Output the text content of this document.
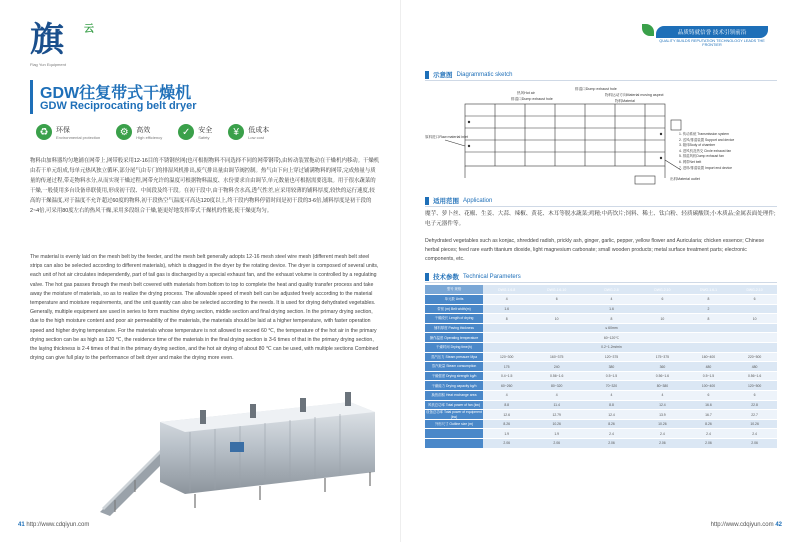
旗	云
Flag Yun Equipment
GDW往复带式干燥机
GDW Reciprocating belt dryer
♻	环保
Environmental protection	⚙	高效
High efficiency	✓	安全
Safety	¥	低成本
Low cost
物料由加料器均匀地铺在网带上,网带般采用12-16目的不锈钢丝网(也可根据物料不同选择不同的网带钢带),由转动装置拖动在干燥机内移动。干燥机由若干单元组成,每单元热风独立循环,部分尾气由专门的排湿风机排出,废气排出量由调节阀控制。热气由下向上穿过铺满物料的网带,完成热量与质量的传递过程,带走物料水分,从而实现干燥过程,网带允许的温度可根据物料温度、水份要求自由调节,单元数量也可根据需要选取。用于很水蔬菜的干燥,一般使用多台设备串联使用,形成初干段、中间段及终干段。在初干段中,由于物料含水高,透气性差,应采用较薄的铺料厚度,较快的运行速度,较高的干燥温度,对于温度不允许超过60度的物料,初干段热空气温度可高达120度以上,终干段内物料停留时间是初干段的3-6倍,铺料厚度是初干段的2~4倍,可采用80度左右的热风干燥,采用多段组合干燥,能更好地发挥带式干燥机的性能,使干燥更均匀。
The material is evenly laid on the mesh belt by the feeder, and the mesh belt generally adopts 12-16 mesh steel wire mesh (different mesh belt steel strips can also be selected according to different materials), which is dragged in the dryer by the rotating device. The dryer is composed of several units, each unit of hot air circulates independently, part of tail gas is discharged by a special exhaust fan, and the exhaust volume is controlled by a regulating valve. The hot gas passes through the mesh belt covered with materials from bottom to top to complete the heat and quality transfer process and take away the moisture of materials, so as to realize the drying process. The allowable speed of mesh belt can be adjusted freely according to the material temperature and moisture requirements, and the unit quantity can also be selected according to the needs. It is used for drying dehydrated vegetables. Generally, multiple equipment are used in series to form machine drying section, middle section and final drying section. In the primary drying section, due to the high moisture content and poor air permeability of the materials, the materials should be laid at a higher temperature, with faster operation speed and higher drying temperature. For the materials whose temperature is not allowed to exceed 60 ℃, the temperature of the hot air in the primary drying section can be as high as 120 ℃, the residence time of the materials in the final drying section is 3-6 times of that in the primary drying section, the laying thickness is 2-4 times of that in the primary drying section, and the hot air drying of about 80 ℃ can be used, with multiple sections Combined drying can give full play to the performance of belt dryer and make the drying more even.
41 http://www.cdqiyun.com
品质铸就信誉 技术引领前沿
QUALITY BUILDS REPUTATION TECHNOLOGY LEADS THE FRONTIER
示意图 Diagrammatic sketch
排湿口Dump exhaust hole
热风Hot air
排湿口Dump exhaust hole
物料运动方向Material moving aspect
物料Material
原料进口Raw material inlet
出料Material outlet
1. 传动系统 Transmission system
2. 送风/排湿装置 Support and device
3. 箱体Body of chamber
4. 进风机及热交 Circle exhaust fan
5. 排湿风机Dump exhaust fan
6. 网带Net belt
7. 进料/排湿装置 Import end device
适用范围 Application
魔芋、萝卜丝、花椒、生姜、大蒜、辣椒、黄花、木耳等脱水蔬菜;鸡精;中药饮片;饲料、稀土、钛白粉、轻质碳酸镁;小木质品;金属表面处理件;电子元器件等。
Dehydrated vegetables such as konjac, shredded radish, prickly ash, ginger, garlic, pepper, yellow flower and Auricularia; chicken essence; Chinese herbal pieces; feed rare earth titanium dioxide, light magnesium carbonate; small wooden products; metal surface treatment parts; electronic components, etc.
技术参数 Technical Parameters
型号 规格	DWG-1.6-8	DWG-1.6-10	DWG-2-8	DWG-2-10	DWG-1.6-1	DWG-2-10
单元数 Units	4	6	4	6	8	6
带宽 (m) Belt width(m)	1.6		1.6		2	
干燥段长 Length of drying	8	10	8	10	8	10
铺料厚度 Paving thickness			≤ 60mm			
操作温度 Operating temperature			60~120℃			
干燥时间 Drying time(h)			0.2~1.2m/min			
蒸汽压力 Steam pressure Mpa	120~300	160~375	120~375	175~375	160~400	220~500
蒸汽耗量 Steam consumption	175	240	380	360	480	480
干燥强度 Drying strength kg/h	0.4~1.5	0.56~1.6	0.5~1.5	0.56~1.6	0.5~1.5	0.56~1.6
干燥能力 Drying capacity kg/h	60~260	80~320	70~320	80~380	100~400	120~500
换热面积 Heat exchange area	4	4	4	4	6	6
风机总功率 Total power of fan (kw)	8.8	11.4	8.8	12.4	16.6	22.8
设备总功率 Total power of equipment (kw)	12.6	12.79	12.4	13.9	16.7	22.7
外形尺寸 Outline size (m)	8.26	10.26	8.26	10.26	8.26	10.26
	1.9	1.9	2.4	2.4	2.4	2.4
	2.06	2.06	2.06	2.06	2.06	2.06
http://www.cdqiyun.com 42
